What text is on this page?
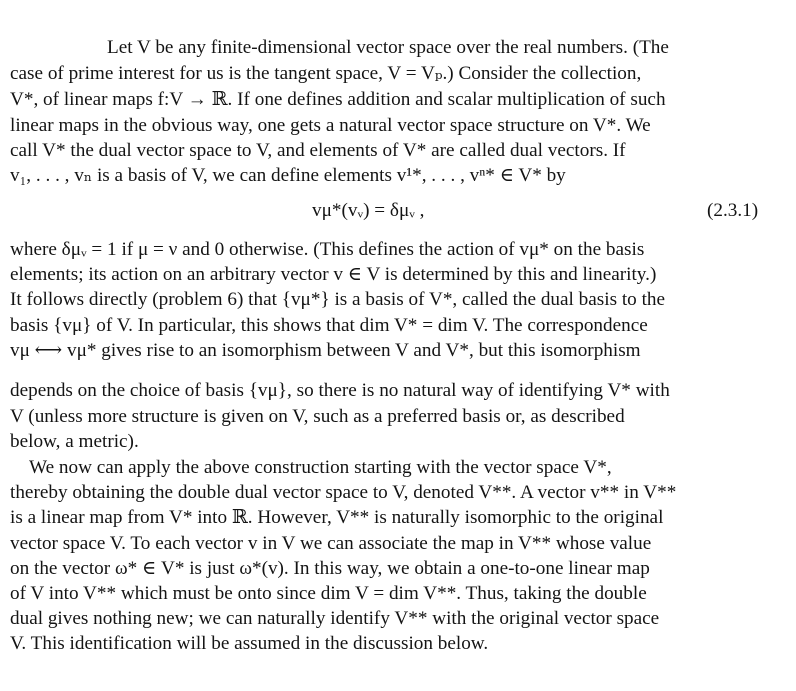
Let V be any finite-dimensional vector space over the real numbers. (The
case of prime interest for us is the tangent space, V = Vₚ.) Consider the collection,
V*, of linear maps f:V → ℝ. If one defines addition and scalar multiplication of such
linear maps in the obvious way, one gets a natural vector space structure on V*. We
call V* the dual vector space to V, and elements of V* are called dual vectors. If
v₁, . . . , vₙ is a basis of V, we can define elements v¹*, . . . , vⁿ* ∈ V* by
vμ*(vᵥ) = δμᵥ ,	(2.3.1)
where δμᵥ = 1 if μ = ν and 0 otherwise. (This defines the action of vμ* on the basis
elements; its action on an arbitrary vector v ∈ V is determined by this and linearity.)
It follows directly (problem 6) that {vμ*} is a basis of V*, called the dual basis to the
basis {vμ} of V. In particular, this shows that dim V* = dim V. The correspondence
vμ ⟷ vμ* gives rise to an isomorphism between V and V*, but this isomorphism
depends on the choice of basis {vμ}, so there is no natural way of identifying V* with
V (unless more structure is given on V, such as a preferred basis or, as described
below, a metric).
We now can apply the above construction starting with the vector space V*,
thereby obtaining the double dual vector space to V, denoted V**. A vector v** in V**
is a linear map from V* into ℝ. However, V** is naturally isomorphic to the original
vector space V. To each vector v in V we can associate the map in V** whose value
on the vector ω* ∈ V* is just ω*(v). In this way, we obtain a one-to-one linear map
of V into V** which must be onto since dim V = dim V**. Thus, taking the double
dual gives nothing new; we can naturally identify V** with the original vector space
V. This identification will be assumed in the discussion below.
